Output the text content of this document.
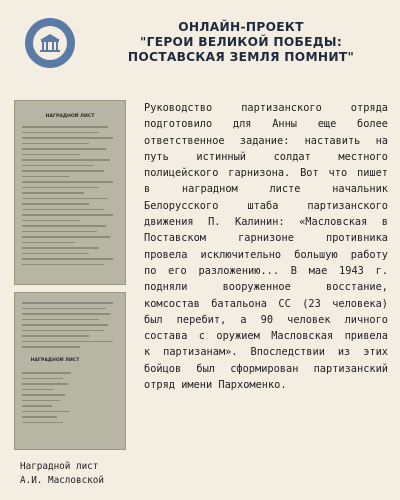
ОНЛАЙН-ПРОЕКТ
"ГЕРОИ ВЕЛИКОЙ ПОБЕДЫ:
ПОСТАВСКАЯ ЗЕМЛЯ ПОМНИТ"
НАГРАДНОЙ ЛИСТ
НАГРАДНОЙ ЛИСТ
Наградной лист
А.И. Масловской
Руководство партизанского отряда
подготовило для Анны еще более
ответственное задание: наставить на
путь истинный солдат местного
полицейского гарнизона. Вот что пишет
в наградном листе начальник
Белорусского штаба партизанского
движения П. Калинин: «Масловская в
Поставском гарнизоне противника
провела исключительно большую работу
по его разложению... В мае 1943 г.
подняли вооруженное восстание,
комсостав батальона СС (23 человека)
был перебит, а 90 человек личного
состава с оружием Масловская привела
к партизанам». Впоследствии из этих
бойцов был сформирован партизанский
отряд имени Пархоменко.
